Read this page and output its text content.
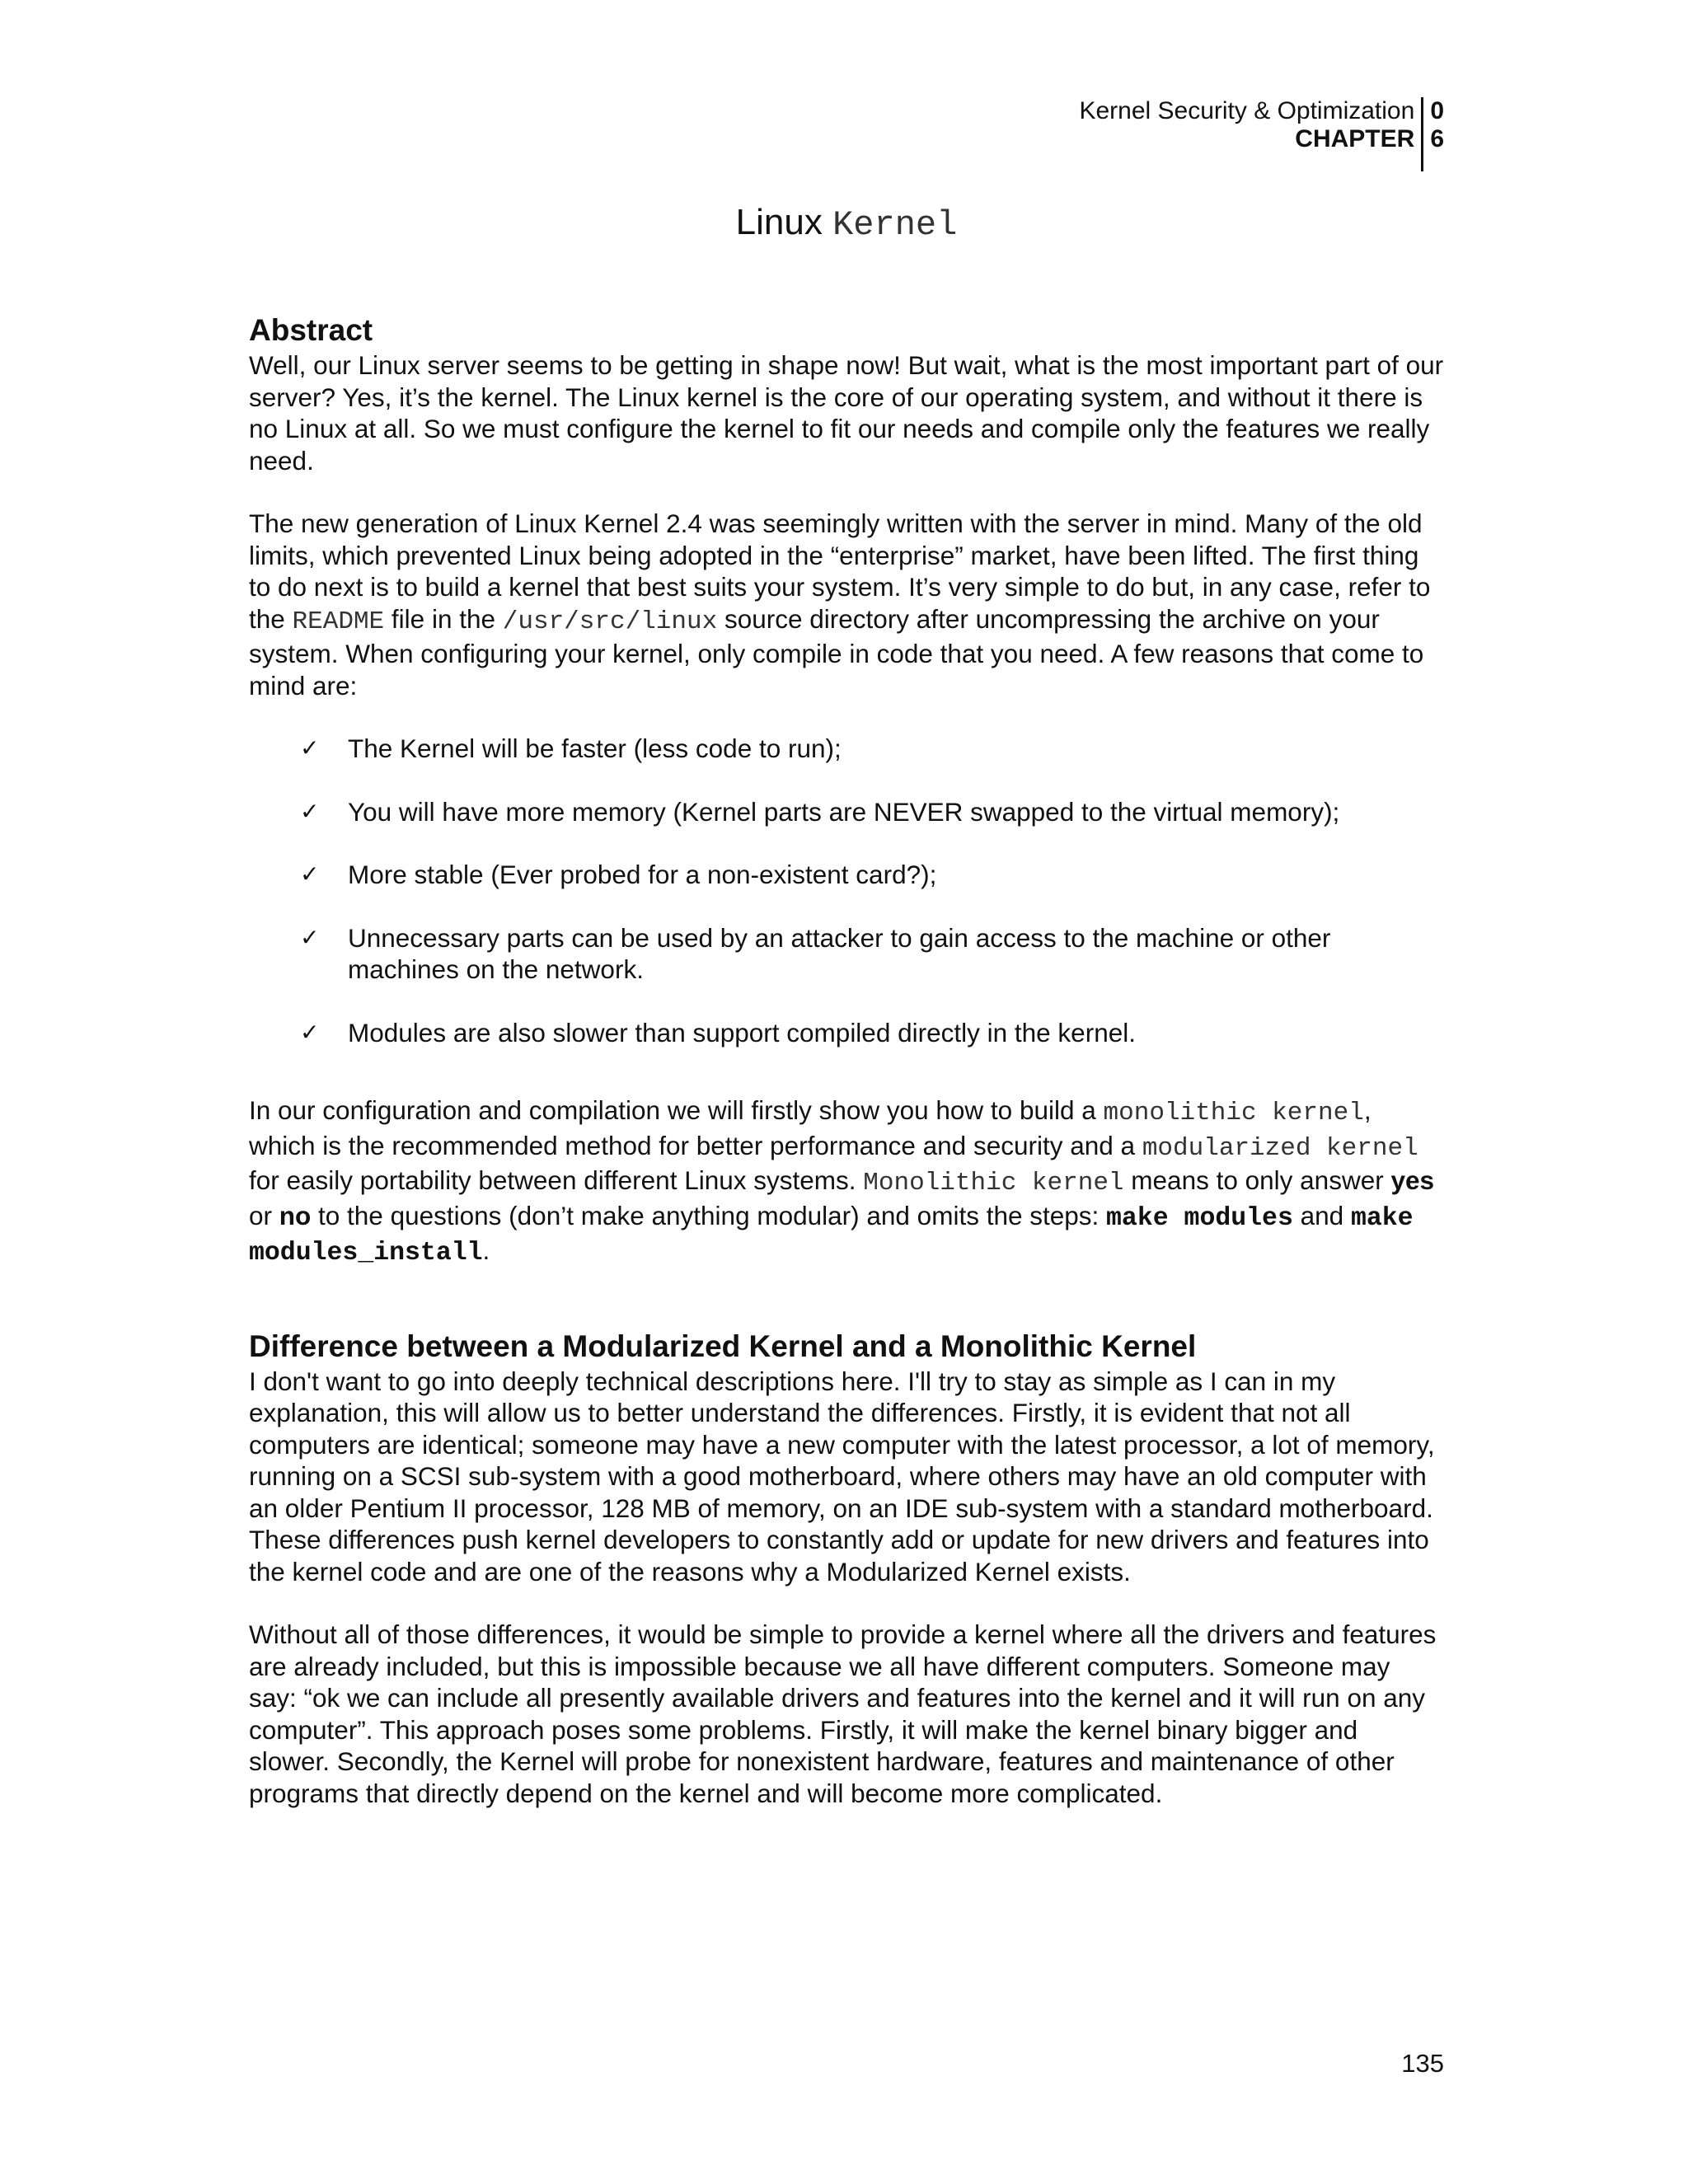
Kernel Security & Optimization
CHAPTER
0
6
Linux Kernel
Abstract

Well, our Linux server seems to be getting in shape now! But wait, what is the most important part of our server? Yes, it’s the kernel. The Linux kernel is the core of our operating system, and without it there is no Linux at all. So we must configure the kernel to fit our needs and compile only the features we really need.

The new generation of Linux Kernel 2.4 was seemingly written with the server in mind. Many of the old limits, which prevented Linux being adopted in the “enterprise” market, have been lifted. The first thing to do next is to build a kernel that best suits your system. It’s very simple to do but, in any case, refer to the README file in the /usr/src/linux source directory after uncompressing the archive on your system. When configuring your kernel, only compile in code that you need. A few reasons that come to mind are:

✓ The Kernel will be faster (less code to run);
✓ You will have more memory (Kernel parts are NEVER swapped to the virtual memory);
✓ More stable (Ever probed for a non-existent card?);
✓ Unnecessary parts can be used by an attacker to gain access to the machine or other machines on the network.
✓ Modules are also slower than support compiled directly in the kernel.

In our configuration and compilation we will firstly show you how to build a monolithic kernel, which is the recommended method for better performance and security and a modularized kernel for easily portability between different Linux systems. Monolithic kernel means to only answer yes or no to the questions (don’t make anything modular) and omits the steps: make modules and make modules_install.

Difference between a Modularized Kernel and a Monolithic Kernel

I don't want to go into deeply technical descriptions here. I'll try to stay as simple as I can in my explanation, this will allow us to better understand the differences. Firstly, it is evident that not all computers are identical; someone may have a new computer with the latest processor, a lot of memory, running on a SCSI sub-system with a good motherboard, where others may have an old computer with an older Pentium II processor, 128 MB of memory, on an IDE sub-system with a standard motherboard. These differences push kernel developers to constantly add or update for new drivers and features into the kernel code and are one of the reasons why a Modularized Kernel exists.

Without all of those differences, it would be simple to provide a kernel where all the drivers and features are already included, but this is impossible because we all have different computers. Someone may say: “ok we can include all presently available drivers and features into the kernel and it will run on any computer”. This approach poses some problems. Firstly, it will make the kernel binary bigger and slower. Secondly, the Kernel will probe for nonexistent hardware, features and maintenance of other programs that directly depend on the kernel and will become more complicated.

135
